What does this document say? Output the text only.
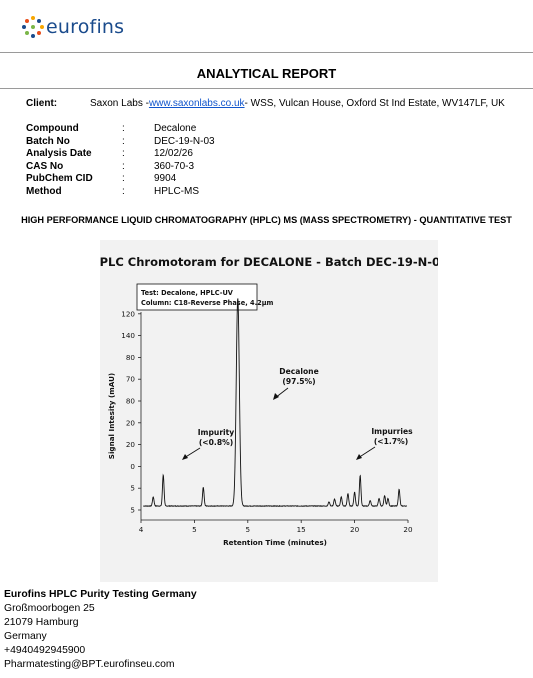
eurofins
ANALYTICAL REPORT
Client:	Saxon Labs - www.saxonlabs.co.uk - WSS, Vulcan House, Oxford St Ind Estate, WV147LF, UK
Compound	:	Decalone
Batch No	:	DEC-19-N-03
Analysis Date	:	12/02/26
CAS No	:	360-70-3
PubChem CID	:	9904
Method	:	HPLC-MS
HIGH PERFORMANCE LIQUID CHROMATOGRAPHY (HPLC) MS (MASS SPECTROMETRY) - QUANTITATIVE TEST
HPLC Chromotoram for DECALONE - Batch DEC-19-N-03
Test: Decalone, HPLC-UV
Column: C18-Reverse Phase, 4.2µm
5
5
0
20
20
80
70
80
140
120
4	5	5	15	20	20
Signal Intesity (mAU)
Retention Time (minutes)
Decalone
(97.5%)
Impurity
(<0.8%)
Impurries
(<1.7%)
Eurofins HPLC Purity Testing Germany
Großmoorbogen 25
21079 Hamburg
Germany
+4940492945900
Pharmatesting@BPT.eurofinseu.com
